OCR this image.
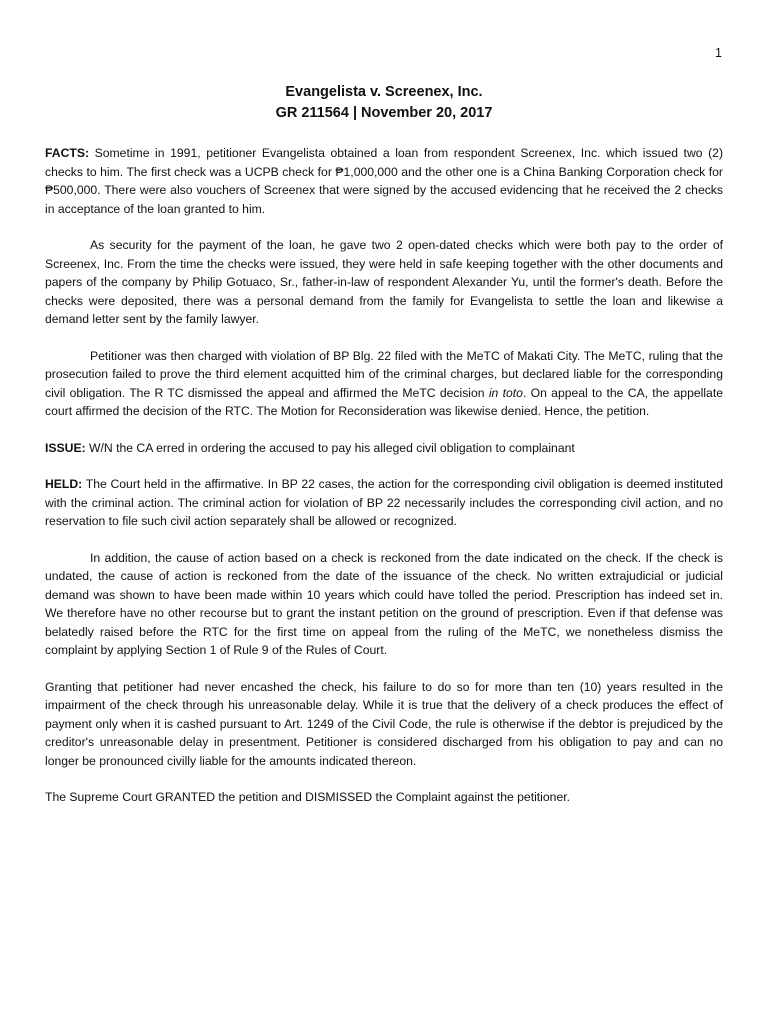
1
Evangelista v. Screenex, Inc.
GR 211564 | November 20, 2017

FACTS: Sometime in 1991, petitioner Evangelista obtained a loan from respondent Screenex, Inc. which issued two (2) checks to him. The first check was a UCPB check for ₱1,000,000 and the other one is a China Banking Corporation check for ₱500,000. There were also vouchers of Screenex that were signed by the accused evidencing that he received the 2 checks in acceptance of the loan granted to him.

As security for the payment of the loan, he gave two 2 open-dated checks which were both pay to the order of Screenex, Inc. From the time the checks were issued, they were held in safe keeping together with the other documents and papers of the company by Philip Gotuaco, Sr., father-in-law of respondent Alexander Yu, until the former's death. Before the checks were deposited, there was a personal demand from the family for Evangelista to settle the loan and likewise a demand letter sent by the family lawyer.

Petitioner was then charged with violation of BP Blg. 22 filed with the MeTC of Makati City. The MeTC, ruling that the prosecution failed to prove the third element acquitted him of the criminal charges, but declared liable for the corresponding civil obligation. The R TC dismissed the appeal and affirmed the MeTC decision in toto. On appeal to the CA, the appellate court affirmed the decision of the RTC. The Motion for Reconsideration was likewise denied. Hence, the petition.

ISSUE: W/N the CA erred in ordering the accused to pay his alleged civil obligation to complainant

HELD: The Court held in the affirmative. In BP 22 cases, the action for the corresponding civil obligation is deemed instituted with the criminal action. The criminal action for violation of BP 22 necessarily includes the corresponding civil action, and no reservation to file such civil action separately shall be allowed or recognized.

In addition, the cause of action based on a check is reckoned from the date indicated on the check. If the check is undated, the cause of action is reckoned from the date of the issuance of the check. No written extrajudicial or judicial demand was shown to have been made within 10 years which could have tolled the period. Prescription has indeed set in. We therefore have no other recourse but to grant the instant petition on the ground of prescription. Even if that defense was belatedly raised before the RTC for the first time on appeal from the ruling of the MeTC, we nonetheless dismiss the complaint by applying Section 1 of Rule 9 of the Rules of Court.

Granting that petitioner had never encashed the check, his failure to do so for more than ten (10) years resulted in the impairment of the check through his unreasonable delay. While it is true that the delivery of a check produces the effect of payment only when it is cashed pursuant to Art. 1249 of the Civil Code, the rule is otherwise if the debtor is prejudiced by the creditor's unreasonable delay in presentment. Petitioner is considered discharged from his obligation to pay and can no longer be pronounced civilly liable for the amounts indicated thereon.

The Supreme Court GRANTED the petition and DISMISSED the Complaint against the petitioner.
